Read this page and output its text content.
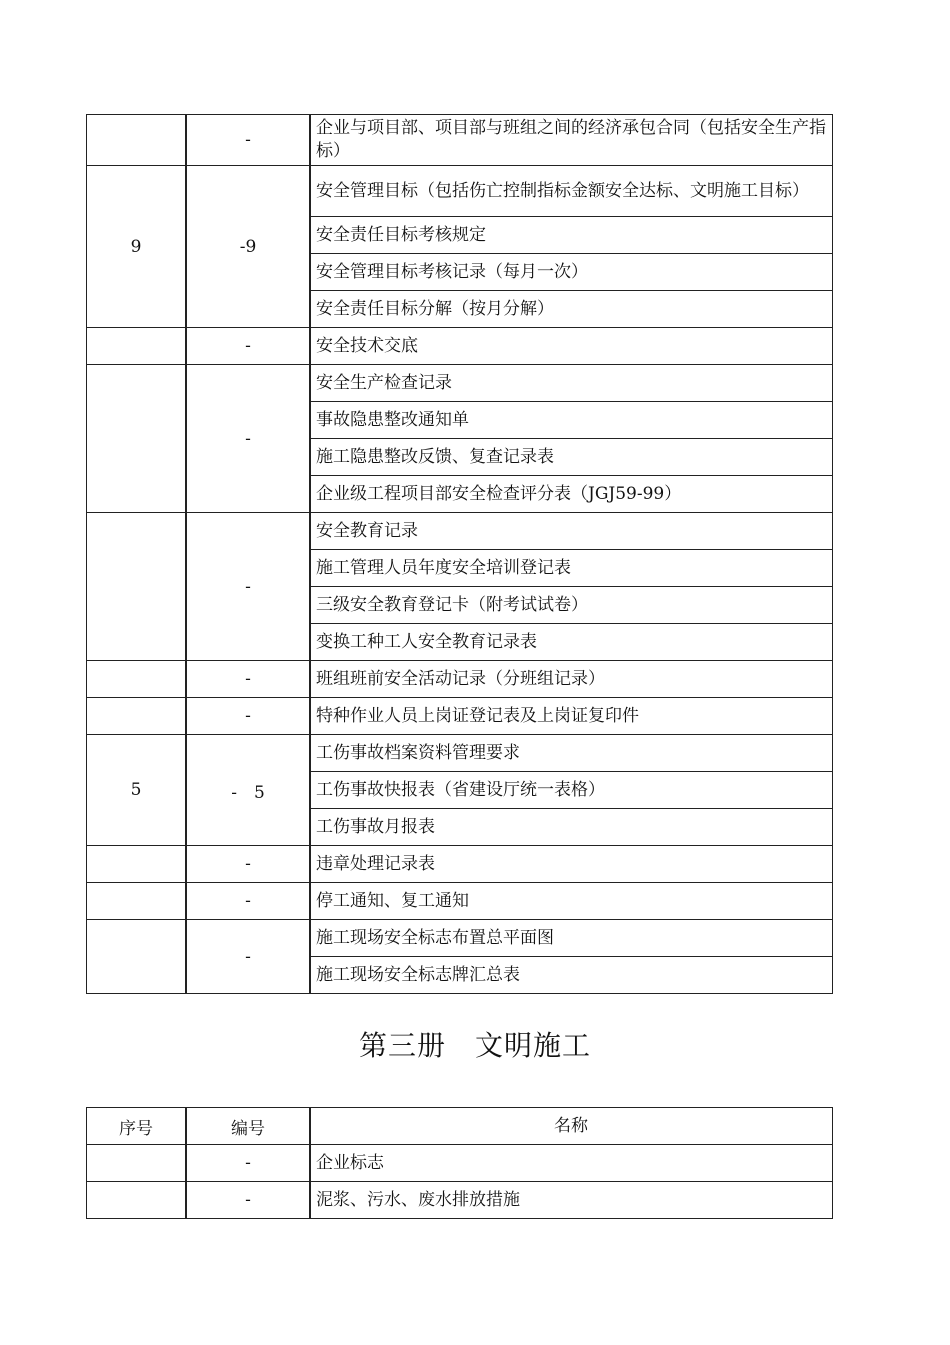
	-	企业与项目部、项目部与班组之间的经济承包合同（包括安全生产指标）
9	-9	安全管理目标（包括伤亡控制指标金额安全达标、文明施工目标）
		安全责任目标考核规定
		安全管理目标考核记录（每月一次）
		安全责任目标分解（按月分解）
	-	安全技术交底
	-	安全生产检查记录
		事故隐患整改通知单
		施工隐患整改反馈、复查记录表
		企业级工程项目部安全检查评分表（JGJ59-99）
	-	安全教育记录
		施工管理人员年度安全培训登记表
		三级安全教育登记卡（附考试试卷）
		变换工种工人安全教育记录表
	-	班组班前安全活动记录（分班组记录）
	-	特种作业人员上岗证登记表及上岗证复印件
5	-　5	工伤事故档案资料管理要求
		工伤事故快报表（省建设厅统一表格）
		工伤事故月报表
	-	违章处理记录表
	-	停工通知、复工通知
	-	施工现场安全标志布置总平面图
		施工现场安全标志牌汇总表
第三册　文明施工
序号	编号	名称
	-	企业标志
	-	泥浆、污水、废水排放措施
